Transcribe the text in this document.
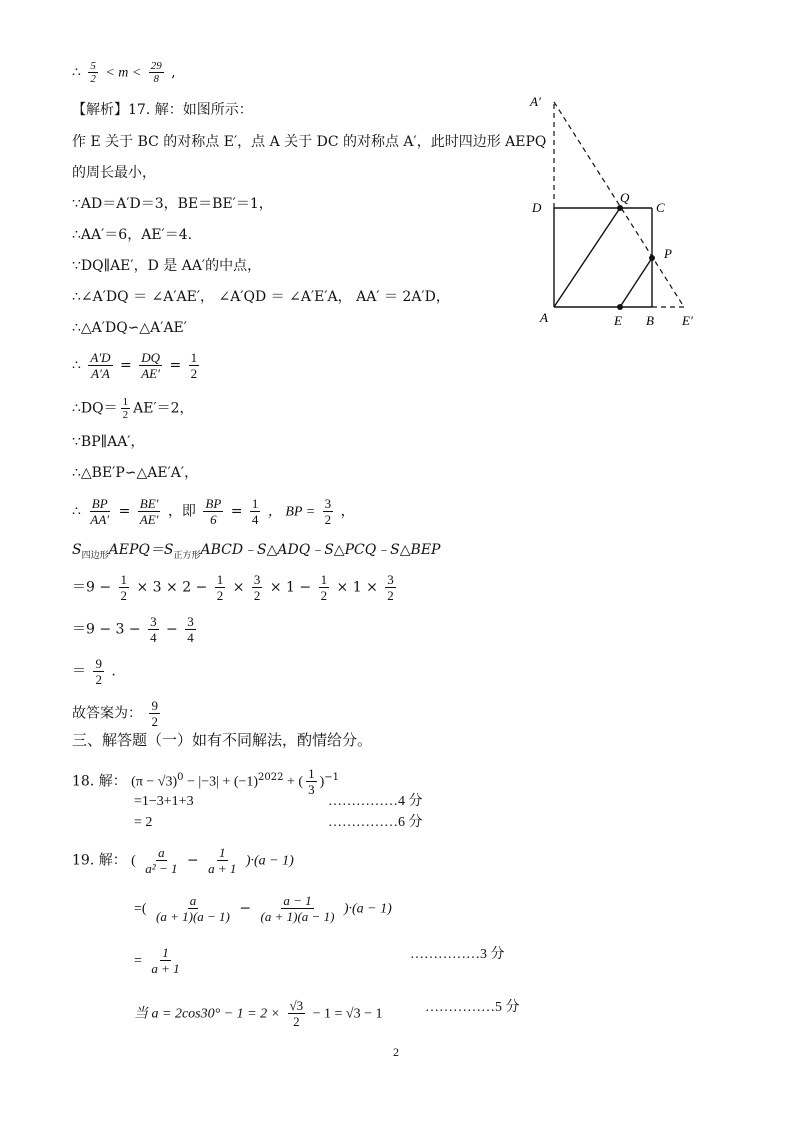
∴ $\frac{5}{2} < m < \frac{29}{8}$ ,
【解析】17. 解：如图所示：
作 E 关于 BC 的对称点 E′，点 A 关于 DC 的对称点 A′，此时四边形 AEPQ
的周长最小，
∵AD＝A′D＝3，BE＝BE′＝1，
∴AA′＝6，AE′＝4.
∵DQ∥AE′，D 是 AA′的中点，
∴∠A′DQ ＝ ∠A′AE′， ∠A′QD ＝ ∠A′E′A， AA′ ＝ 2A′D，
∴△A′DQ∽△A′AE′
∴ $\frac{A'D}{A'A} = \frac{DQ}{AE'} = \frac{1}{2}$
∴DQ＝ $\frac{1}{2} AE'=2$，
∵BP∥AA′，
∴△BE′P∽△AE′A′，
∴ $\frac{BP}{AA'} = \frac{BE'}{AE'}$ ，即 $\frac{BP}{6} = \frac{1}{4}$ ， BP = $\frac{3}{2}$ ，
$S_{四边形}AEPQ=S_{正方形}ABCD﹣S\triangle ADQ﹣S\triangle PCQ﹣S\triangle BEP$
$=9 - \frac{1}{2} \times 3 \times 2 - \frac{1}{2} \times \frac{3}{2} \times 1 - \frac{1}{2} \times 1 \times \frac{3}{2}$
$=9 - 3 - \frac{3}{4} - \frac{3}{4}$
＝ $\frac{9}{2}$ .
故答案为： $\frac{9}{2}$
三、解答题（一）如有不同解法，酌情给分。
18. 解： $(\pi - √3)^0 - |-3| + (-1)^{2022}$ + ( $\frac{1}{3} )^{-1}$
=1−3+1+3	……………4 分
= 2	……………6 分
19. 解： ( $\frac{a}{\text{a² − 1}} - \frac{1}{a + 1} )\cdot(a - 1)$
=( $\frac{a}{(a + 1)(a - 1)} - \frac{a - 1}{(a + 1)(a - 1)} )\cdot(a - 1)$
= $\frac{1}{a + 1}$	……………3 分
当 $a = 2\cos 30^\circ - 1 = 2 \times \frac{√3}{2} - 1 = √3 - 1$	……………5 分
2
A′
D
Q
C
P
A	E B E′
